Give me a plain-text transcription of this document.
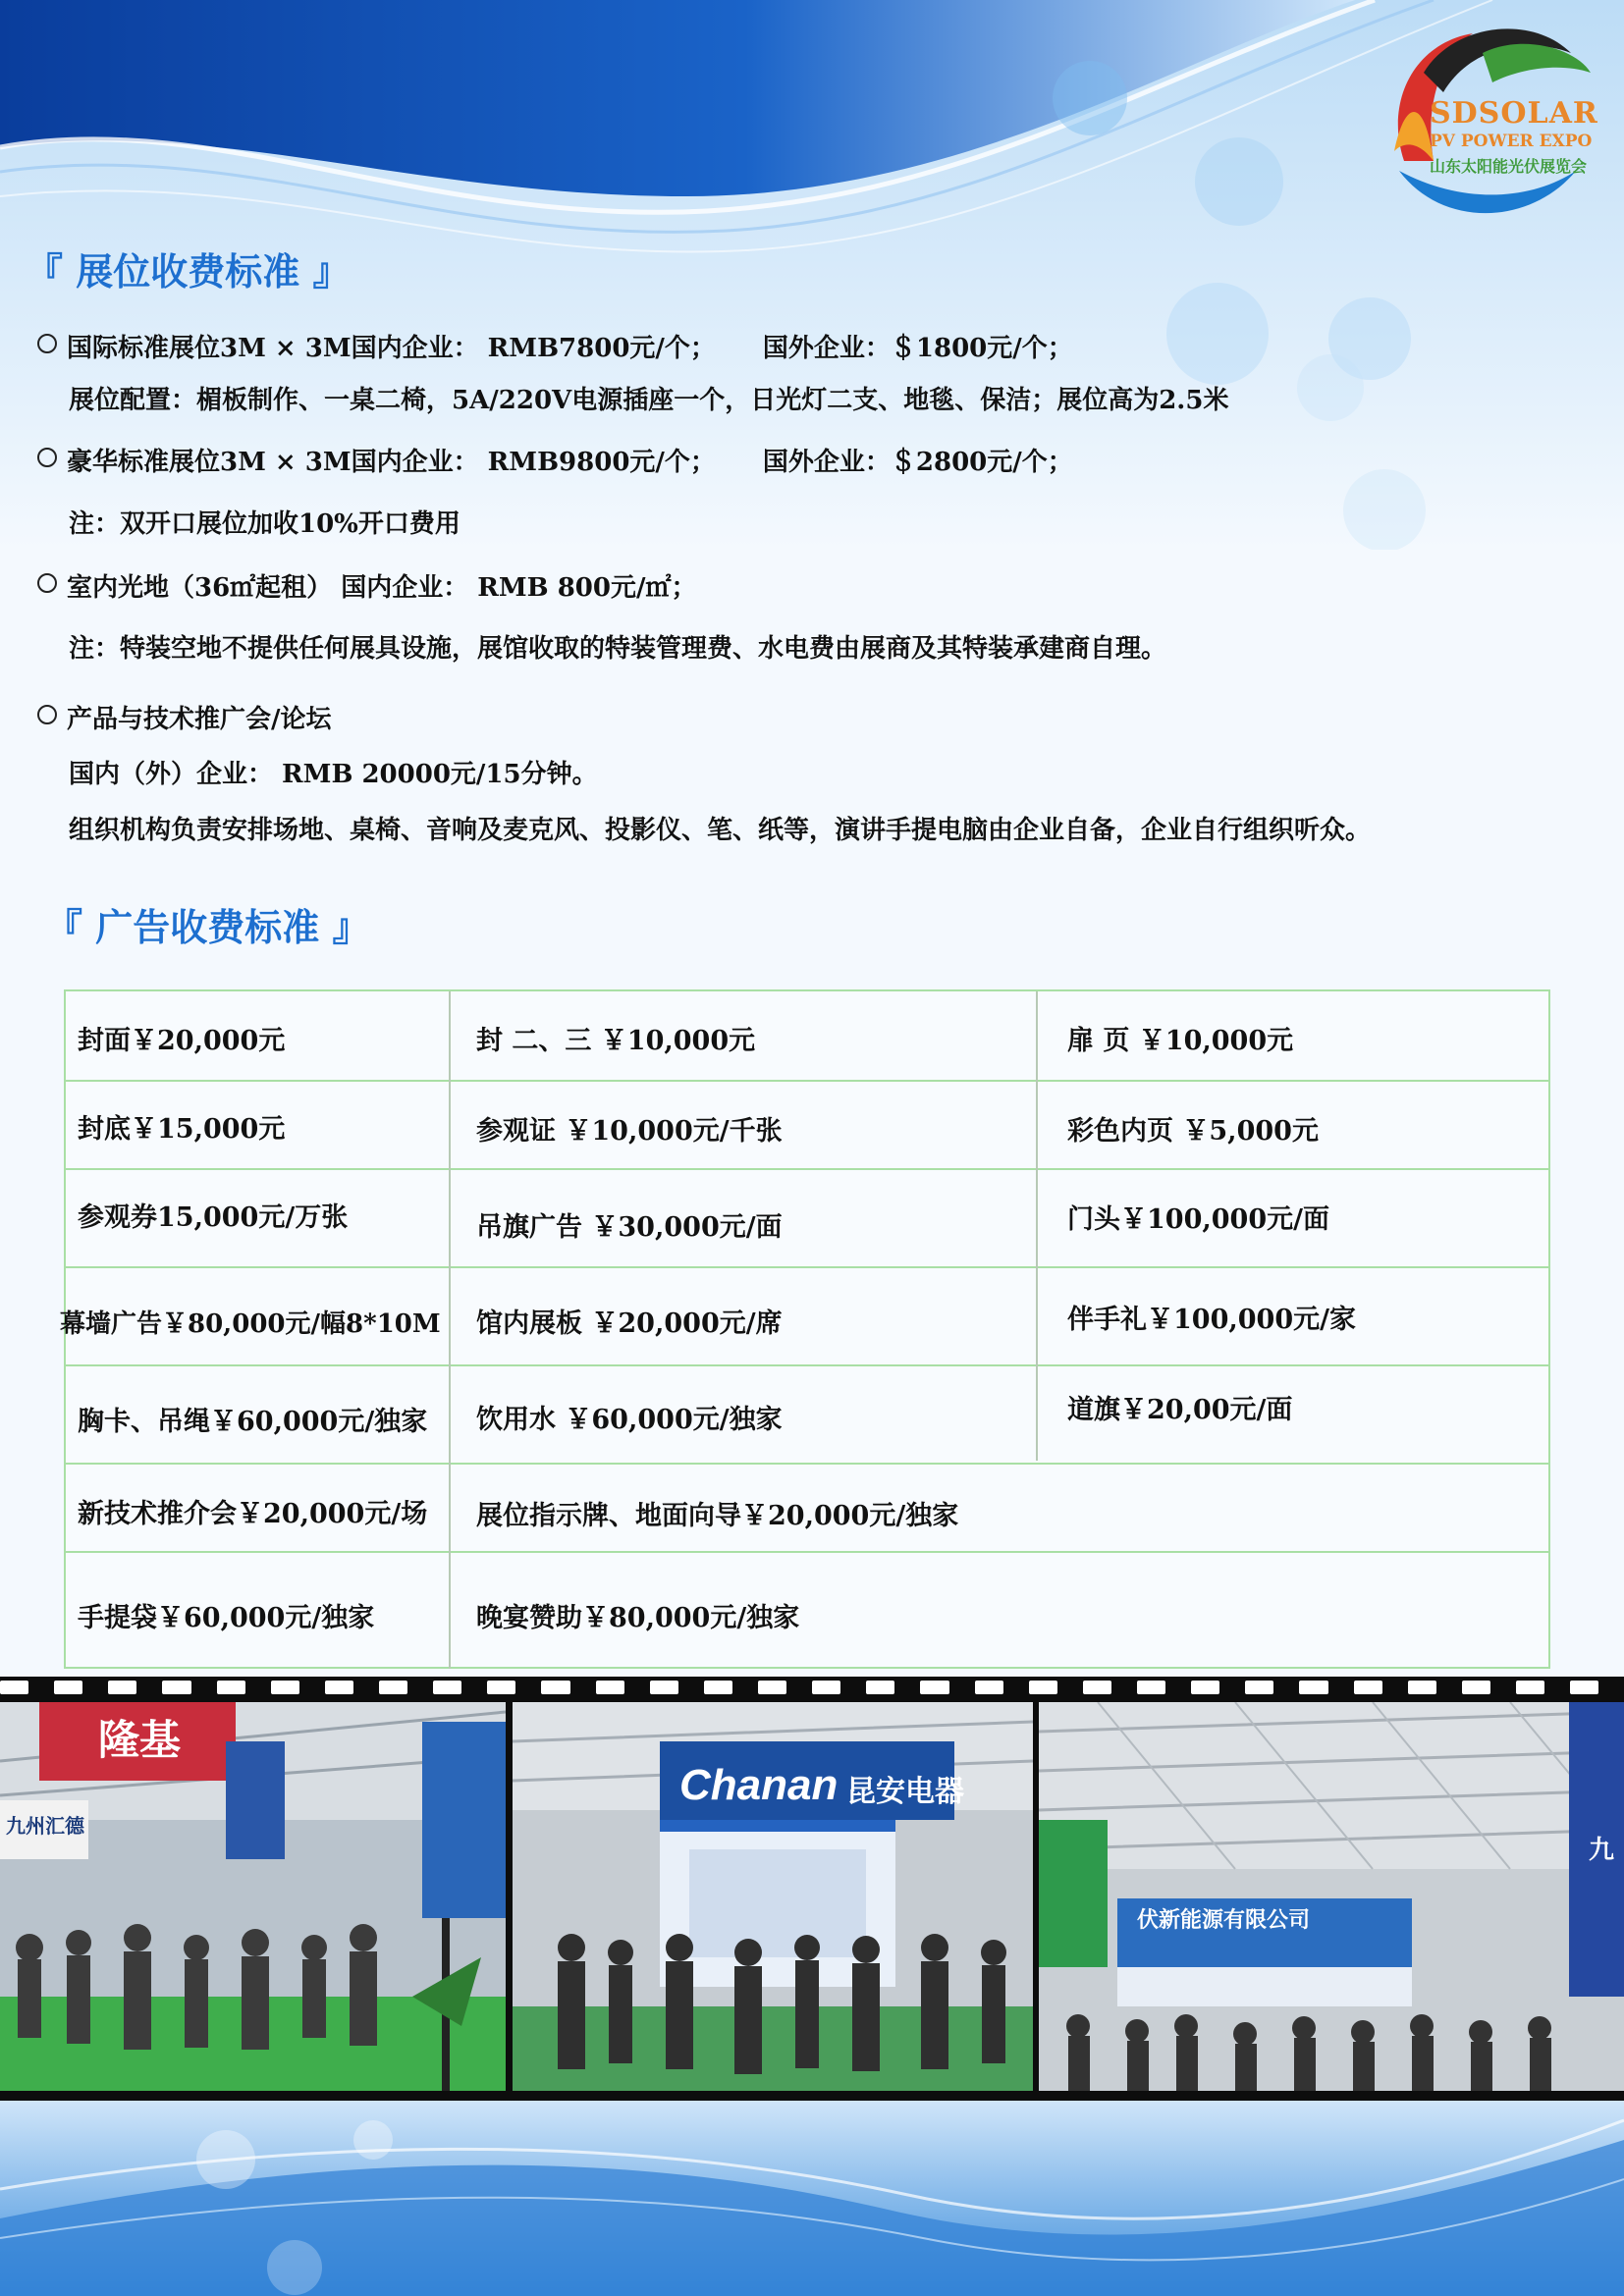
SDSOLAR
PV POWER EXPO
山东太阳能光伏展览会
『 展位收费标准 』
国际标准展位3M × 3M国内企业： RMB7800元/个； 国外企业：＄1800元/个；
展位配置：楣板制作、一桌二椅，5A/220V电源插座一个，日光灯二支、地毯、保洁；展位高为2.5米
豪华标准展位3M × 3M国内企业： RMB9800元/个； 国外企业：＄2800元/个；
注：双开口展位加收10%开口费用
室内光地（36㎡起租） 国内企业： RMB 800元/㎡；
注：特装空地不提供任何展具设施，展馆收取的特装管理费、水电费由展商及其特装承建商自理。
产品与技术推广会/论坛
国内（外）企业： RMB 20000元/15分钟。
组织机构负责安排场地、桌椅、音响及麦克风、投影仪、笔、纸等，演讲手提电脑由企业自备，企业自行组织听众。
『 广告收费标准 』
封面￥20,000元	封 二、三 ￥10,000元	扉 页 ￥10,000元
封底￥15,000元	参观证 ￥10,000元/千张	彩色内页 ￥5,000元
参观券15,000元/万张	吊旗广告 ￥30,000元/面	门头￥100,000元/面
幕墙广告￥80,000元/幅8*10M 馆内展板 ￥20,000元/席	伴手礼￥100,000元/家
胸卡、吊绳￥60,000元/独家 饮用水 ￥60,000元/独家	道旗￥20,00元/面
新技术推介会￥20,000元/场 展位指示牌、地面向导￥20,000元/独家
手提袋￥60,000元/独家	晚宴赞助￥80,000元/独家
隆基
九州汇德
Chanan 昆安电器
伏新能源有限公司
九
